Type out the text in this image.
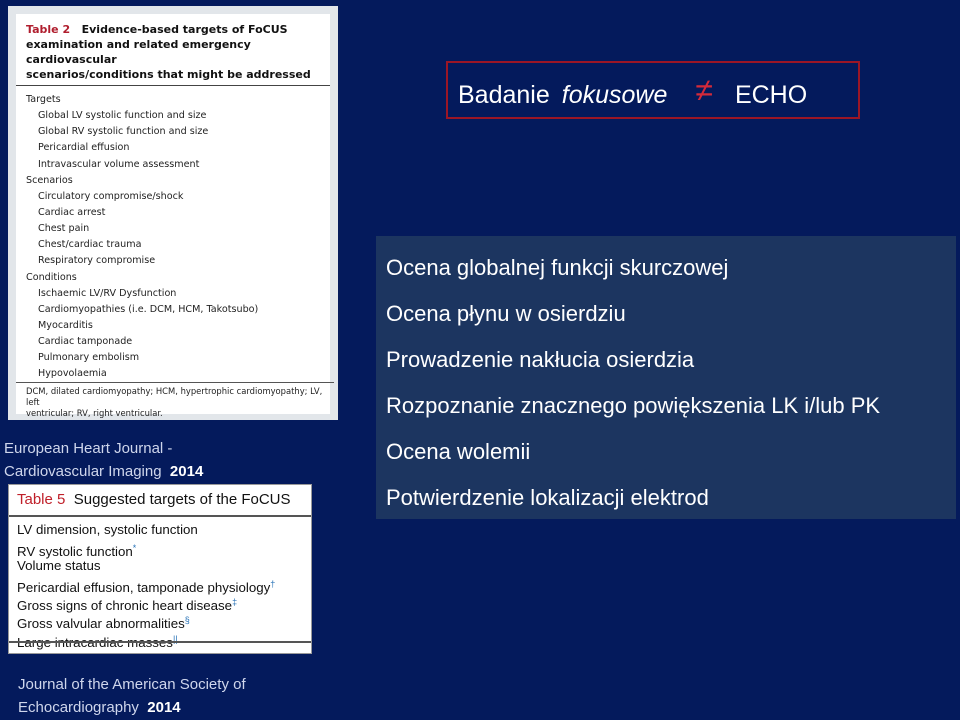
Table 2 Evidence-based targets of FoCUS
examination and related emergency cardiovascular
scenarios/conditions that might be addressed
Targets
Global LV systolic function and size
Global RV systolic function and size
Pericardial effusion
Intravascular volume assessment
Scenarios
Circulatory compromise/shock
Cardiac arrest
Chest pain
Chest/cardiac trauma
Respiratory compromise
Conditions
Ischaemic LV/RV Dysfunction
Cardiomyopathies (i.e. DCM, HCM, Takotsubo)
Myocarditis
Cardiac tamponade
Pulmonary embolism
Hypovolaemia
DCM, dilated cardiomyopathy; HCM, hypertrophic cardiomyopathy; LV, left
ventricular; RV, right ventricular.
European Heart Journal -
Cardiovascular Imaging 2014
Table 5 Suggested targets of the FoCUS
LV dimension, systolic function
RV systolic function*
Volume status
Pericardial effusion, tamponade physiology†
Gross signs of chronic heart disease‡
Gross valvular abnormalities§
Large intracardiac masses||
Journal of the American Society of
Echocardiography 2014
Badanie fokusowe ≠ ECHO
Ocena globalnej funkcji skurczowej
Ocena płynu w osierdziu
Prowadzenie nakłucia osierdzia
Rozpoznanie znacznego powiększenia LK i/lub PK
Ocena wolemii
Potwierdzenie lokalizacji elektrod
